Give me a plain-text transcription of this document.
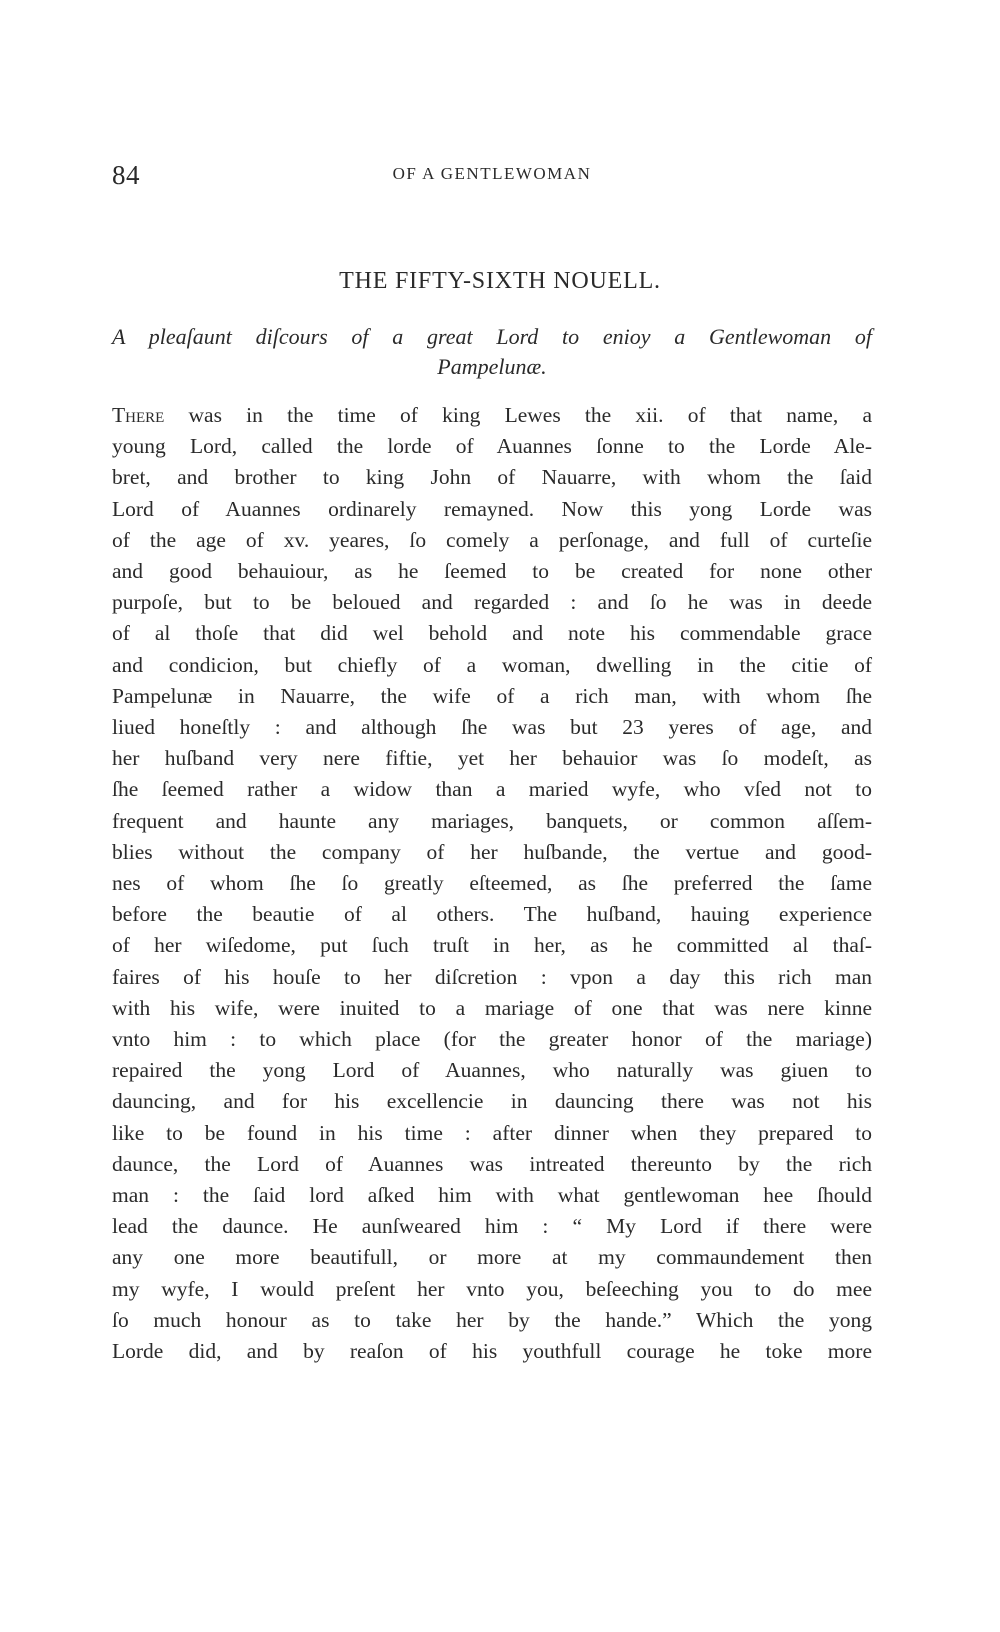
84	OF A GENTLEWOMAN
THE FIFTY-SIXTH NOUELL.
A pleaſaunt diſcours of a great Lord to enioy a Gentlewoman of
Pampelunæ.
There was in the time of king Lewes the xii. of that name, a
young Lord, called the lorde of Auannes ſonne to the Lorde Ale-
bret, and brother to king John of Nauarre, with whom the ſaid
Lord of Auannes ordinarely remayned. Now this yong Lorde was
of the age of xv. yeares, ſo comely a perſonage, and full of curteſie
and good behauiour, as he ſeemed to be created for none other
purpoſe, but to be beloued and regarded : and ſo he was in deede
of al thoſe that did wel behold and note his commendable grace
and condicion, but chiefly of a woman, dwelling in the citie of
Pampelunæ in Nauarre, the wife of a rich man, with whom ſhe
liued honeſtly : and although ſhe was but 23 yeres of age, and
her huſband very nere fiftie, yet her behauior was ſo modeſt, as
ſhe ſeemed rather a widow than a maried wyfe, who vſed not to
frequent and haunte any mariages, banquets, or common aſſem-
blies without the company of her huſbande, the vertue and good-
nes of whom ſhe ſo greatly eſteemed, as ſhe preferred the ſame
before the beautie of al others. The huſband, hauing experience
of her wiſedome, put ſuch truſt in her, as he committed al thaſ-
faires of his houſe to her diſcretion : vpon a day this rich man
with his wife, were inuited to a mariage of one that was nere kinne
vnto him : to which place (for the greater honor of the mariage)
repaired the yong Lord of Auannes, who naturally was giuen to
dauncing, and for his excellencie in dauncing there was not his
like to be found in his time : after dinner when they prepared to
daunce, the Lord of Auannes was intreated thereunto by the rich
man : the ſaid lord aſked him with what gentlewoman hee ſhould
lead the daunce. He aunſweared him : “ My Lord if there were
any one more beautifull, or more at my commaundement then
my wyfe, I would preſent her vnto you, beſeeching you to do mee
ſo much honour as to take her by the hande.” Which the yong
Lorde did, and by reaſon of his youthfull courage he toke more
